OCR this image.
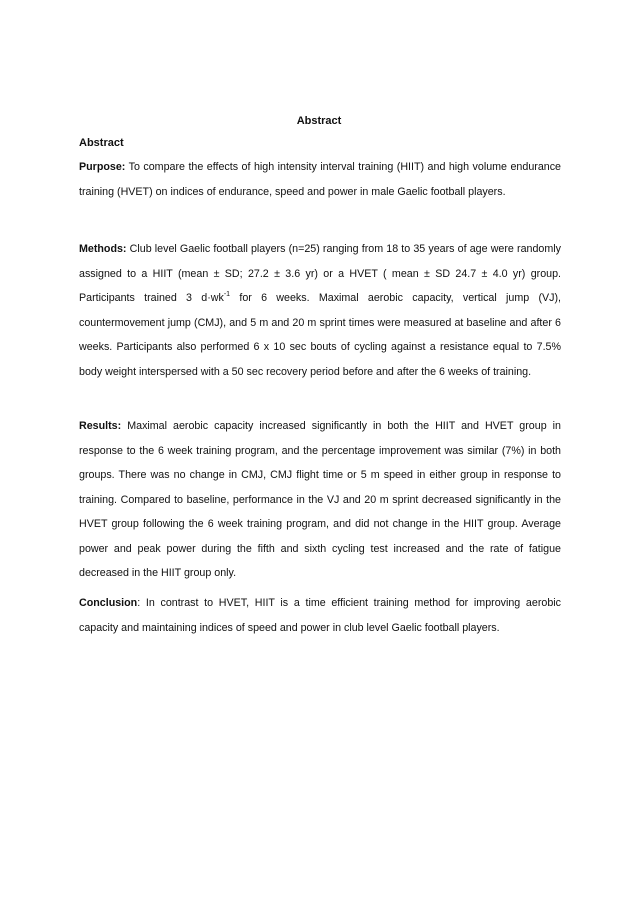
Abstract
Abstract

Purpose: To compare the effects of high intensity interval training (HIIT) and high volume endurance training (HVET) on indices of endurance, speed and power in male Gaelic football players.

Methods: Club level Gaelic football players (n=25) ranging from 18 to 35 years of age were randomly assigned to a HIIT (mean ± SD; 27.2 ± 3.6 yr) or a HVET ( mean ± SD 24.7 ± 4.0 yr) group. Participants trained 3 $d\cdot wk^{-1}$ for 6 weeks. Maximal aerobic capacity, vertical jump (VJ), countermovement jump (CMJ), and 5 m and 20 m sprint times were measured at baseline and after 6 weeks. Participants also performed 6 x 10 sec bouts of cycling against a resistance equal to 7.5% body weight interspersed with a 50 sec recovery period before and after the 6 weeks of training.

Results: Maximal aerobic capacity increased significantly in both the HIIT and HVET group in response to the 6 week training program, and the percentage improvement was similar (7%) in both groups. There was no change in CMJ, CMJ flight time or 5 m speed in either group in response to training. Compared to baseline, performance in the VJ and 20 m sprint decreased significantly in the HVET group following the 6 week training program, and did not change in the HIIT group. Average power and peak power during the fifth and sixth cycling test increased and the rate of fatigue decreased in the HIIT group only.

Conclusion: In contrast to HVET, HIIT is a time efficient training method for improving aerobic capacity and maintaining indices of speed and power in club level Gaelic football players.
